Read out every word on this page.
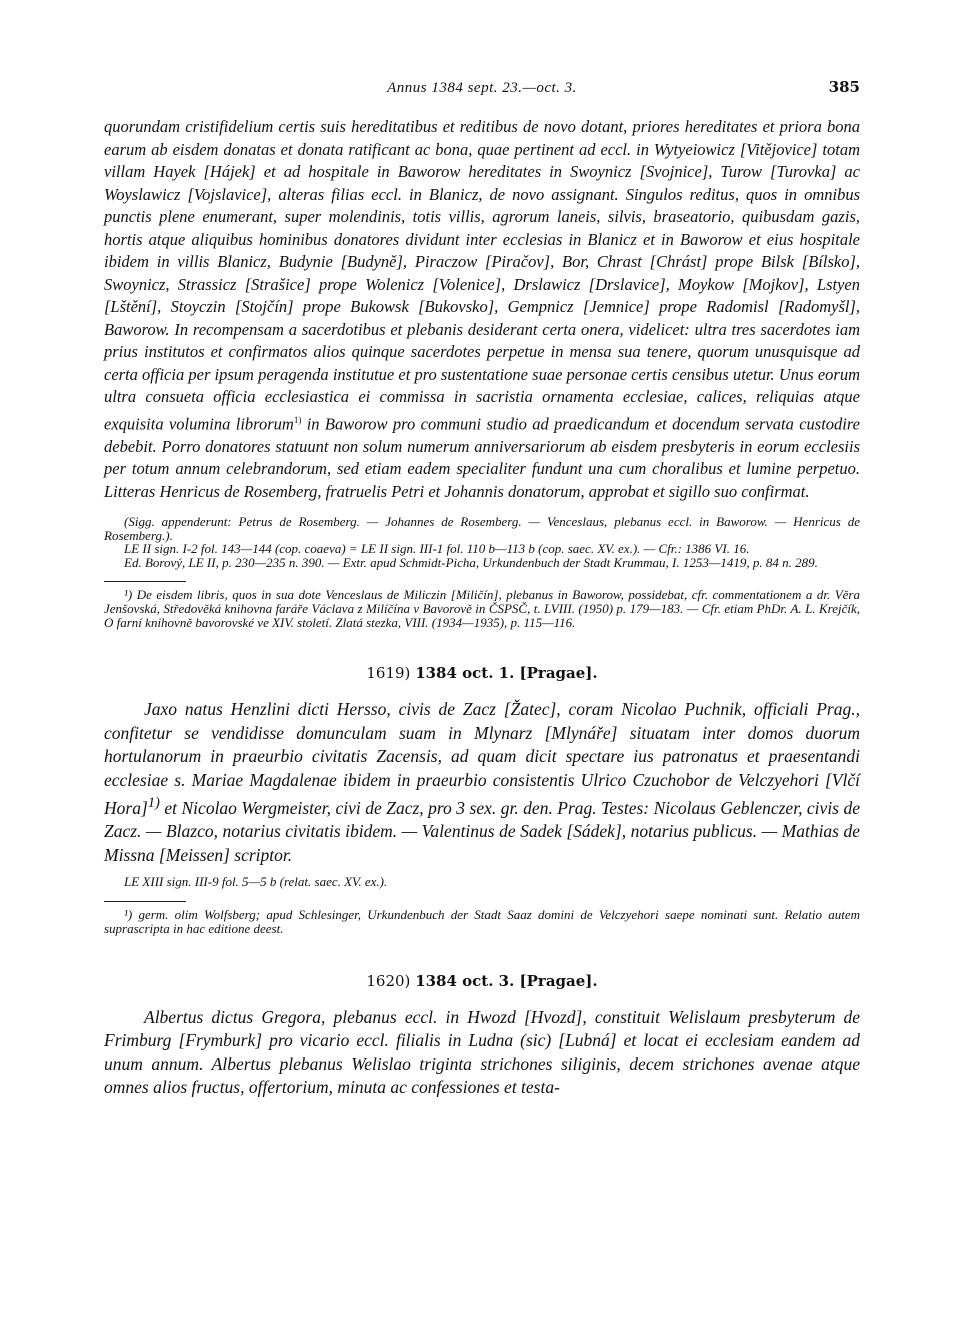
Annus 1384 sept. 23.—oct. 3.	385

quorundam cristifidelium certis suis hereditatibus et reditibus de novo dotant, priores hereditates et priora bona earum ab eisdem donatas et donata ratificant ac bona, quae pertinent ad eccl. in Wytyeiowicz [Vitějovice] totam villam Hayek [Hájek] et ad hospitale in Baworow hereditates in Swoynicz [Svojnice], Turow [Turovka] ac Woyslawicz [Vojslavice], alteras filias eccl. in Blanicz, de novo assignant. Singulos reditus, quos in omnibus punctis plene enumerant, super molendinis, totis villis, agrorum laneis, silvis, braseatorio, quibusdam gazis, hortis atque aliquibus hominibus donatores dividunt inter ecclesias in Blanicz et in Baworow et eius hospitale ibidem in villis Blanicz, Budynie [Budyně], Piraczow [Piračov], Bor, Chrast [Chrást] prope Bilsk [Bílsko], Swoynicz, Strassicz [Strašice] prope Wolenicz [Volenice], Drslawicz [Drslavice], Moykow [Mojkov], Lstyen [Lštění], Stoyczin [Stojčín] prope Bukowsk [Bukovsko], Gempnicz [Jemnice] prope Radomisl [Radomyšl], Baworow. In recompensam a sacerdotibus et plebanis desiderant certa onera, videlicet: ultra tres sacerdotes iam prius institutos et confirmatos alios quinque sacerdotes perpetue in mensa sua tenere, quorum unusquisque ad certa officia per ipsum peragenda institutue et pro sustentatione suae personae certis censibus utetur. Unus eorum ultra consueta officia ecclesiastica ei commissa in sacristia ornamenta ecclesiae, calices, reliquias atque exquisita volumina librorum$^{1)}$ in Baworow pro communi studio ad praedicandum et docendum servata custodire debebit. Porro donatores statuunt non solum numerum anniversariorum ab eisdem presbyteris in eorum ecclesiis per totum annum celebrandorum, sed etiam eadem specialiter fundunt una cum choralibus et lumine perpetuo. Litteras Henricus de Rosemberg, fratruelis Petri et Johannis donatorum, approbat et sigillo suo confirmat.

(Sigg. appenderunt: Petrus de Rosemberg. — Johannes de Rosemberg. — Venceslaus, plebanus eccl. in Baworow. — Henricus de Rosemberg.).

LE II sign. I-2 fol. 143—144 (cop. coaeva) = LE II sign. III-1 fol. 110 b—113 b (cop. saec. XV. ex.). — Cfr.: 1386 VI. 16.

Ed. Borový, LE II, p. 230—235 n. 390. — Extr. apud Schmidt-Picha, Urkundenbuch der Stadt Krummau, I. 1253—1419, p. 84 n. 289.

¹) De eisdem libris, quos in sua dote Venceslaus de Miliczin [Miličín], plebanus in Baworow, possidebat, cfr. commentationem a dr. Věra Jenšovská, Středověká knihovna faráře Václava z Milíčína v Bavorově in ČSPSČ, t. LVIII. (1950) p. 179—183. — Cfr. etiam PhDr. A. L. Krejčík, O farní knihovně bavorovské ve XIV. století. Zlatá stezka, VIII. (1934—1935), p. 115—116.

1619) 1384 oct. 1. [Pragae].

Jaxo natus Henzlini dicti Hersso, civis de Zacz [Žatec], coram Nicolao Puchnik, officiali Prag., confitetur se vendidisse domunculam suam in Mlynarz [Mlynáře] situatam inter domos duorum hortulanorum in praeurbio civitatis Zacensis, ad quam dicit spectare ius patronatus et praesentandi ecclesiae s. Mariae Magdalenae ibidem in praeurbio consistentis Ulrico Czuchobor de Velczyehori [Vlčí Hora]$^{1)}$ et Nicolao Wergmeister, civi de Zacz, pro 3 sex. gr. den. Prag. Testes: Nicolaus Geblenczer, civis de Zacz. — Blazco, notarius civitatis ibidem. — Valentinus de Sadek [Sádek], notarius publicus. — Mathias de Missna [Meissen] scriptor.

LE XIII sign. III-9 fol. 5—5 b (relat. saec. XV. ex.).

¹) germ. olim Wolfsberg; apud Schlesinger, Urkundenbuch der Stadt Saaz domini de Velczyehori saepe nominati sunt. Relatio autem suprascripta in hac editione deest.

1620) 1384 oct. 3. [Pragae].

Albertus dictus Gregora, plebanus eccl. in Hwozd [Hvozd], constituit Welislaum presbyterum de Frimburg [Frymburk] pro vicario eccl. filialis in Ludna (sic) [Lubná] et locat ei ecclesiam eandem ad unum annum. Albertus plebanus Welislao triginta strichones siliginis, decem strichones avenae atque omnes alios fructus, offertorium, minuta ac confessiones et testa-
